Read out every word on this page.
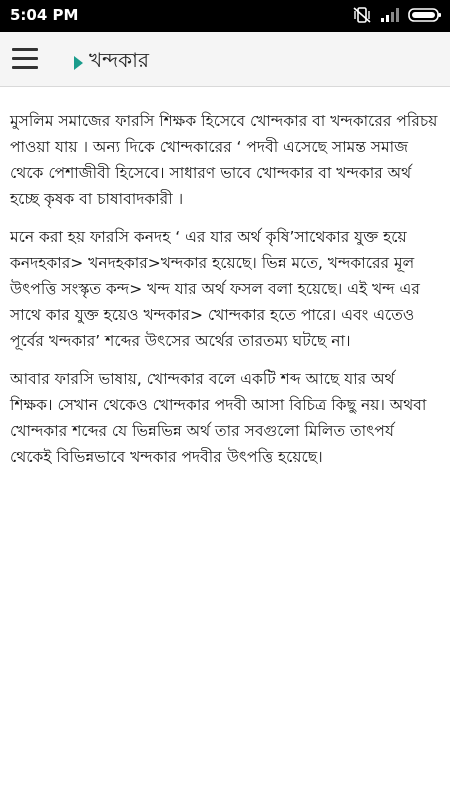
5:04 PM
খন্দকার

মুসলিম সমাজের ফারসি শিক্ষক হিসেবে খোন্দকার বা খন্দকারের পরিচয় পাওয়া যায় । অন্য দিকে খোন্দকারের ‘ পদবী এসেছে সামন্ত সমাজ থেকে পেশাজীবী হিসেবে। সাধারণ ভাবে খোন্দকার বা খন্দকার অর্থ হচ্ছে কৃষক বা চাষাবাদকারী ।

মনে করা হয় ফারসি কনদহ ‘ এর যার অর্থ কৃষি’সাথেকার যুক্ত হয়ে কনদহকার> খনদহকার>খন্দকার হয়েছে। ভিন্ন মতে, খন্দকারের মূল উৎপত্তি সংস্কৃত কন্দ> খন্দ যার অর্থ ফসল বলা হয়েছে। এই খন্দ এর সাথে কার যুক্ত হয়েও খন্দকার> খোন্দকার হতে পারে। এবং এতেও পূর্বের খন্দকার’ শব্দের উৎসের অর্থের তারতম্য ঘটছে না।

আবার ফারসি ভাষায়, খোন্দকার বলে একটি শব্দ আছে যার অর্থ শিক্ষক। সেখান থেকেও খোন্দকার পদবী আসা বিচিত্র কিছু নয়। অথবা খোন্দকার শব্দের যে ভিন্নভিন্ন অর্থ তার সবগুলো মিলিত তাৎপর্য থেকেই বিভিন্নভাবে খন্দকার পদবীর উৎপত্তি হয়েছে।
